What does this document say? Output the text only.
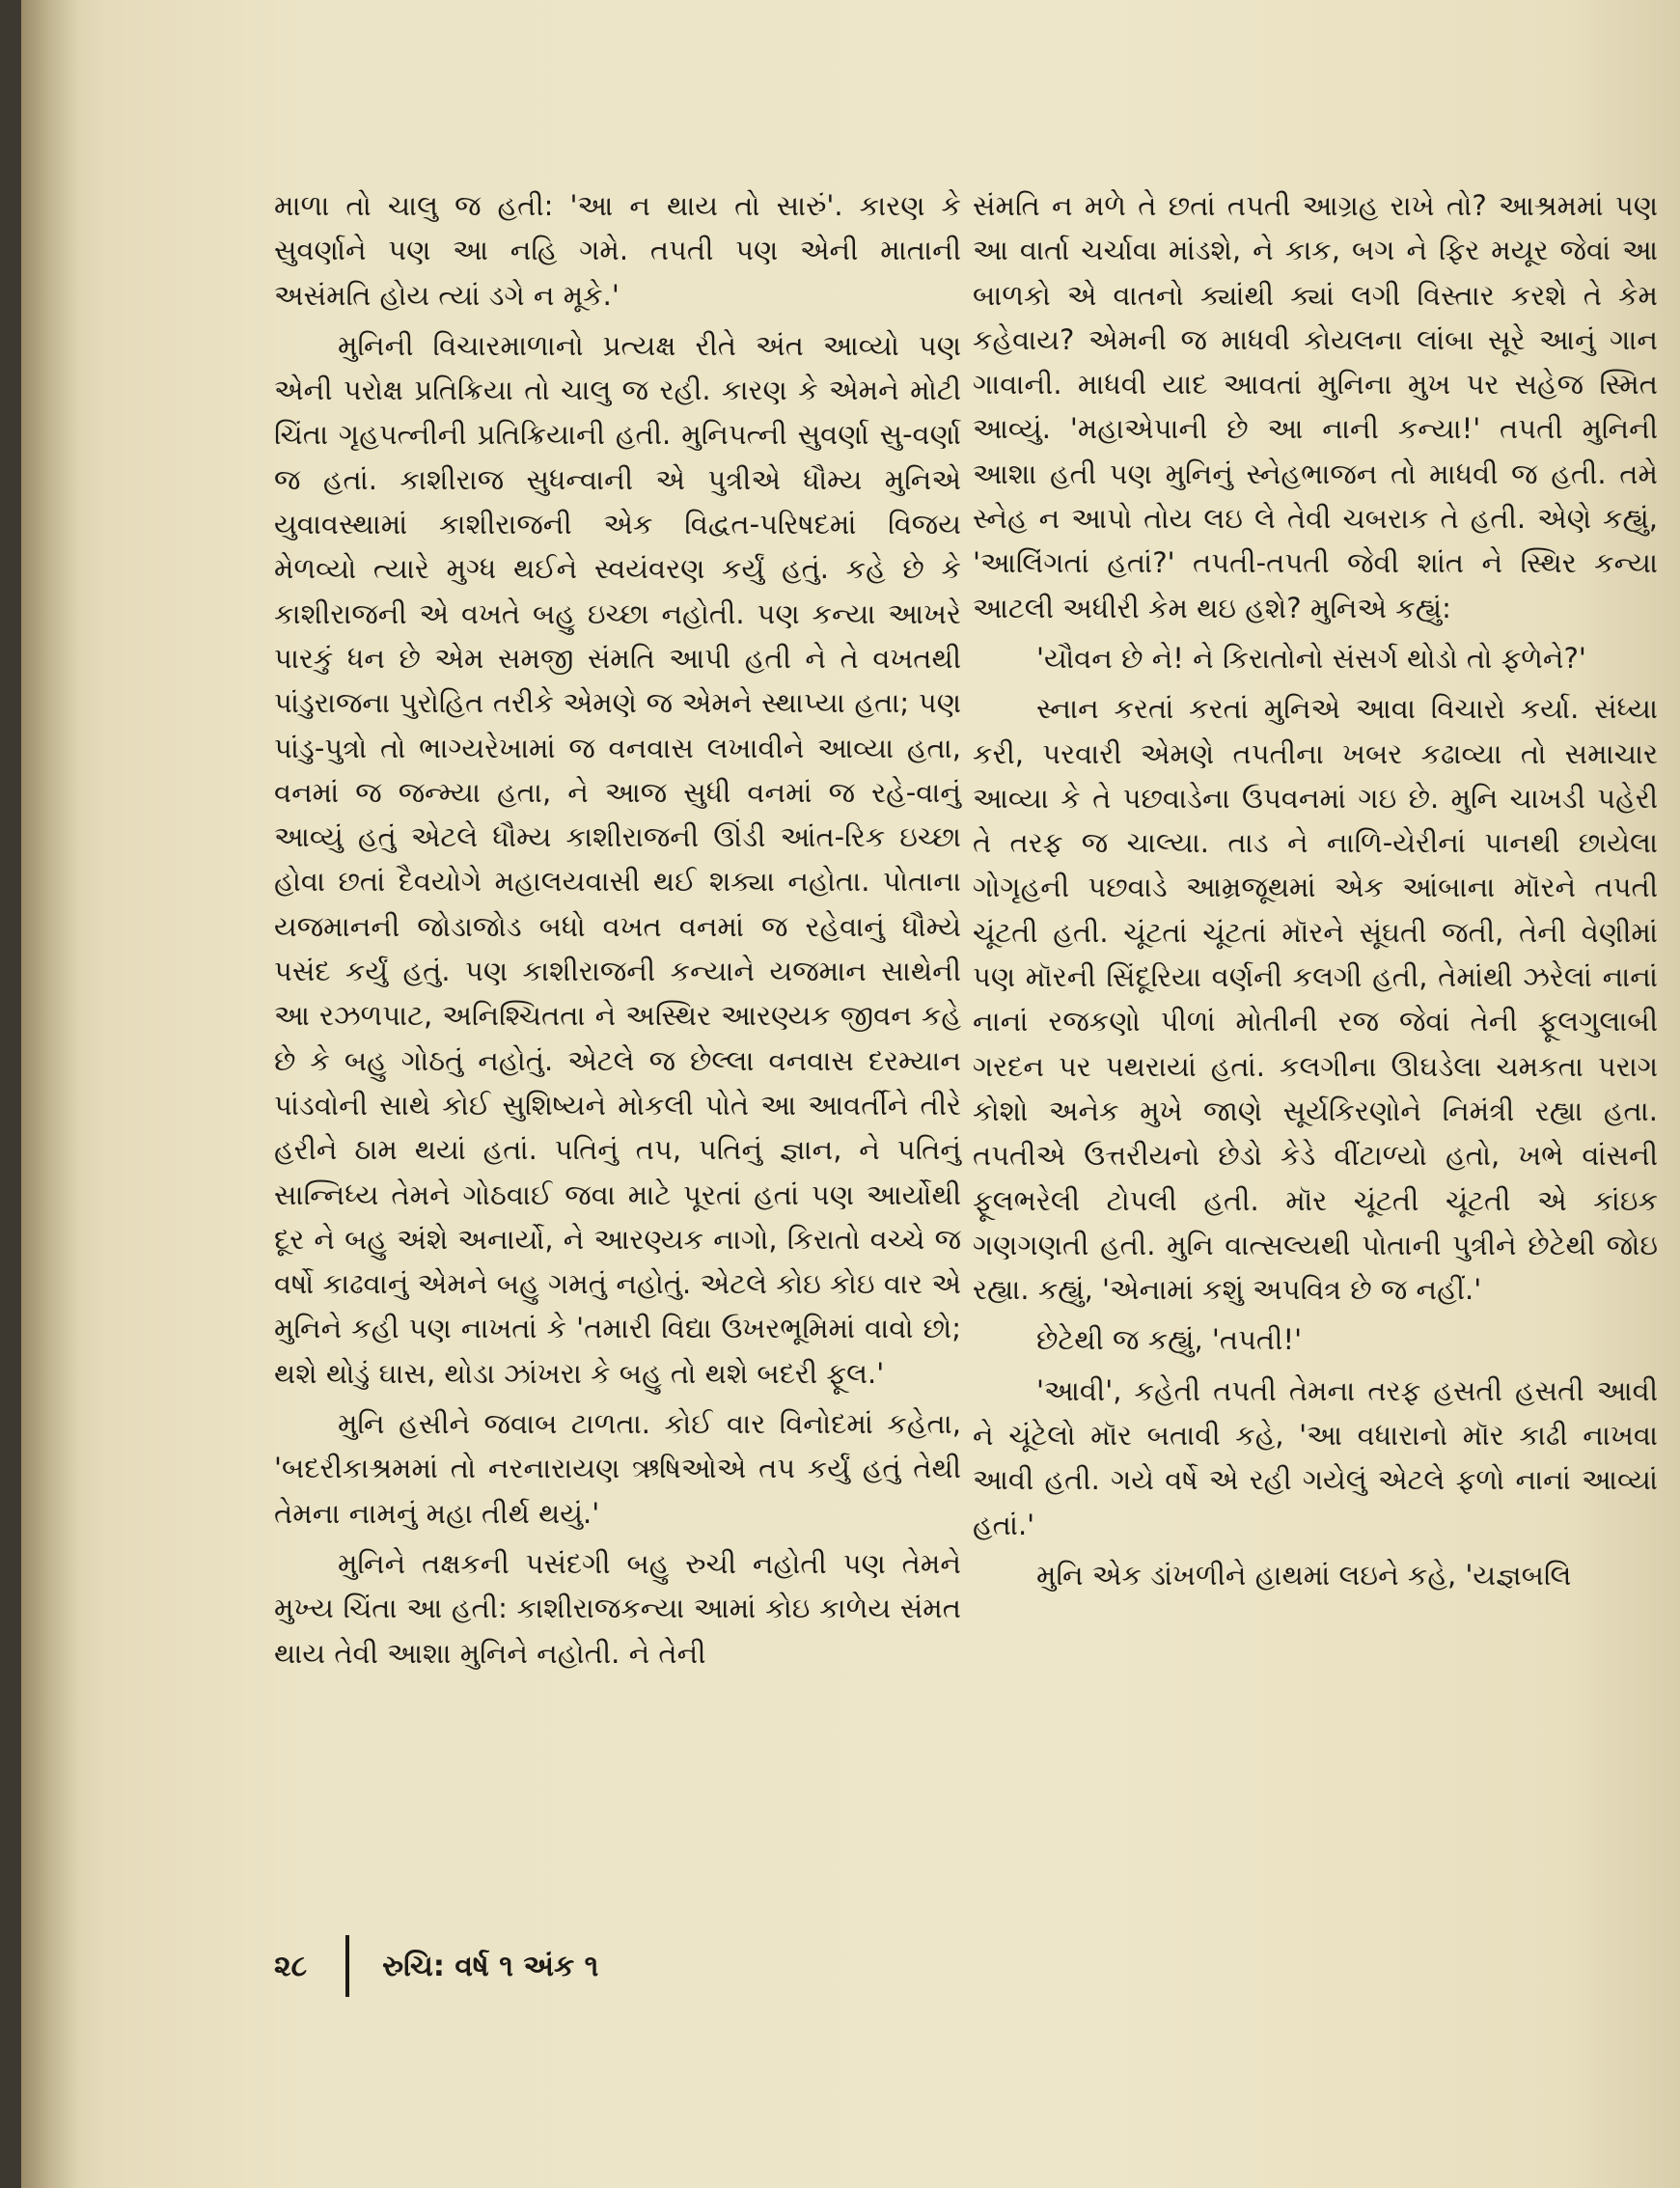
માળા તો ચાલુ જ હતી: 'આ ન થાય તો સારું'. કારણ કે સુવર્ણાને પણ આ નહિ ગમે. તપતી પણ એની માતાની અસંમતિ હોય ત્યાં ડગે ન મૂકે.'

મુનિની વિચારમાળાનો પ્રત્યક્ષ રીતે અંત આવ્યો પણ એની પરોક્ષ પ્રતિક્રિયા તો ચાલુ જ રહી. કારણ કે એમને મોટી ચિંતા ગૃહપત્નીની પ્રતિક્રિયાની હતી. મુનિપત્ની સુવર્ણા સુ-વર્ણા જ હતાં. કાશીરાજ સુધન્વાની એ પુત્રીએ ધૌમ્ય મુનિએ યુવાવસ્થામાં કાશીરાજની એક વિદ્વત-પરિષદમાં વિજય મેળવ્યો ત્યારે મુગ્ધ થઈને સ્વયંવરણ કર્યું હતું. કહે છે કે કાશીરાજની એ વખતે બહુ ઇચ્છા નહોતી. પણ કન્યા આખરે પારકું ધન છે એમ સમજી સંમતિ આપી હતી ને તે વખતથી પાંડુરાજના પુરોહિત તરીકે એમણે જ એમને સ્થાપ્યા હતા; પણ પાંડુ-પુત્રો તો ભાગ્યરેખામાં જ વનવાસ લખાવીને આવ્યા હતા, વનમાં જ જન્મ્યા હતા, ને આજ સુધી વનમાં જ રહે-વાનું આવ્યું હતું એટલે ધૌમ્ય કાશીરાજની ઊંડી આંત-રિક ઇચ્છા હોવા છતાં દૈવયોગે મહાલયવાસી થઈ શક્યા નહોતા. પોતાના યજમાનની જોડાજોડ બધો વખત વનમાં જ રહેવાનું ધૌમ્યે પસંદ કર્યું હતું. પણ કાશીરાજની કન્યાને યજમાન સાથેની આ રઝળપાટ, અનિશ્ચિતતા ને અસ્થિર આરણ્યક જીવન કહે છે કે બહુ ગોઠતું નહોતું. એટલે જ છેલ્લા વનવાસ દરમ્યાન પાંડવોની સાથે કોઈ સુશિષ્યને મોકલી પોતે આ આવર્તીને તીરે હરીને ઠામ થયાં હતાં. પતિનું તપ, પતિનું જ્ઞાન, ને પતિનું સાન્નિધ્ય તેમને ગોઠવાઈ જવા માટે પૂરતાં હતાં પણ આર્યોથી દૂર ને બહુ અંશે અનાર્યો, ને આરણ્યક નાગો, કિરાતો વચ્ચે જ વર્ષો કાઢવાનું એમને બહુ ગમતું નહોતું. એટલે કોઇ કોઇ વાર એ મુનિને કહી પણ નાખતાં કે 'તમારી વિદ્યા ઉખરભૂમિમાં વાવો છો; થશે થોડું ઘાસ, થોડા ઝાંખરા કે બહુ તો થશે બદરી ફૂલ.'

મુનિ હસીને જવાબ ટાળતા. કોઈ વાર વિનોદમાં કહેતા, 'બદરીકાશ્રમમાં તો નરનારાયણ ઋષિઓએ તપ કર્યું હતું તેથી તેમના નામનું મહા તીર્થ થયું.'

મુનિને તક્ષકની પસંદગી બહુ રુચી નહોતી પણ તેમને મુખ્ય ચિંતા આ હતી: કાશીરાજકન્યા આમાં કોઇ કાળેય સંમત થાય તેવી આશા મુનિને નહોતી. ને તેની

સંમતિ ન મળે તે છતાં તપતી આગ્રહ રાખે તો? આશ્રમમાં પણ આ વાર્તા ચર્ચાવા માંડશે, ને કાક, બગ ને ફિર મયૂર જેવાં આ બાળકો એ વાતનો ક્યાંથી ક્યાં લગી વિસ્તાર કરશે તે કેમ કહેવાય? એમની જ માધવી કોયલના લાંબા સૂરે આનું ગાન ગાવાની. માધવી યાદ આવતાં મુનિના મુખ પર સહેજ સ્મિત આવ્યું. 'મહાએપાની છે આ નાની કન્યા!' તપતી મુનિની આશા હતી પણ મુનિનું સ્નેહભાજન તો માધવી જ હતી. તમે સ્નેહ ન આપો તોય લઇ લે તેવી ચબરાક તે હતી. એણે કહ્યું, 'આલિંગતાં હતાં?' તપતી-તપતી જેવી શાંત ને સ્થિર કન્યા આટલી અધીરી કેમ થઇ હશે? મુનિએ કહ્યું:

'યૌવન છે ને! ને કિરાતોનો સંસર્ગ થોડો તો ફળેને?'

સ્નાન કરતાં કરતાં મુનિએ આવા વિચારો કર્યા. સંધ્યા કરી, પરવારી એમણે તપતીના ખબર કઢાવ્યા તો સમાચાર આવ્યા કે તે પછવાડેના ઉપવનમાં ગઇ છે. મુનિ ચાખડી પહેરી તે તરફ જ ચાલ્યા. તાડ ને નાળિ-યેરીનાં પાનથી છાયેલા ગોગૃહની પછવાડે આમ્રજૂથમાં એક આંબાના મૉરને તપતી ચૂંટતી હતી. ચૂંટતાં ચૂંટતાં મૉરને સૂંઘતી જતી, તેની વેણીમાં પણ મૉરની સિંદૂરિયા વર્ણની કલગી હતી, તેમાંથી ઝરેલાં નાનાં નાનાં રજકણો પીળાં મોતીની રજ જેવાં તેની ફૂલગુલાબી ગરદન પર પથરાયાં હતાં. કલગીના ઊઘડેલા ચમકતા પરાગ કોશો અનેક મુખે જાણે સૂર્યકિરણોને નિમંત્રી રહ્યા હતા. તપતીએ ઉત્તરીયનો છેડો કેડે વીંટાળ્યો હતો, ખભે વાંસની ફૂલભરેલી ટોપલી હતી. મૉર ચૂંટતી ચૂંટતી એ કાંઇક ગણગણતી હતી. મુનિ વાત્સલ્યથી પોતાની પુત્રીને છેટેથી જોઇ રહ્યા. કહ્યું, 'એનામાં કશું અપવિત્ર છે જ નહીં.'

છેટેથી જ કહ્યું, 'તપતી!'

'આવી', કહેતી તપતી તેમના તરફ હસતી હસતી આવી ને ચૂંટેલો મૉર બતાવી કહે, 'આ વધારાનો મૉર કાઢી નાખવા આવી હતી. ગયે વર્ષે એ રહી ગયેલું એટલે ફળો નાનાં આવ્યાં હતાં.'

મુનિ એક ડાંખળીને હાથમાં લઇને કહે, 'યજ્ઞબલિ

૨૮	રુચિ: વર્ષ ૧ અંક ૧
